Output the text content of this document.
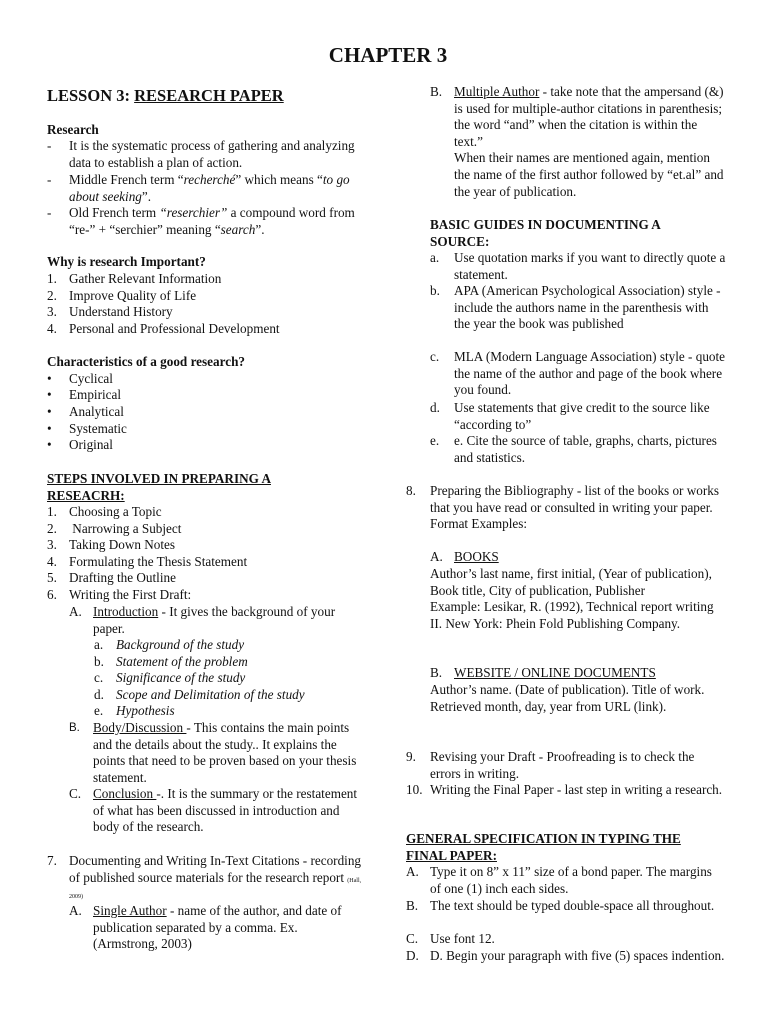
CHAPTER 3
LESSON 3: RESEARCH PAPER
Research
-	It is the systematic process of gathering and analyzing data to establish a plan of action.
-	Middle French term “recherché” which means “to go about seeking”.
-	Old French term “reserchier” a compound word from “re-” + “serchier” meaning “search”.
Why is research Important?
1. Gather Relevant Information
2. Improve Quality of Life
3. Understand History
4. Personal and Professional Development
Characteristics of a good research?
•	Cyclical
•	Empirical
•	Analytical
•	Systematic
•	Original
STEPS INVOLVED IN PREPARING A RESEACRH:
1. Choosing a Topic
2. Narrowing a Subject
3. Taking Down Notes
4. Formulating the Thesis Statement
5. Drafting the Outline
6. Writing the First Draft:
A. Introduction - It gives the background of your paper.
a. Background of the study
b. Statement of the problem
c. Significance of the study
d. Scope and Delimitation of the study
e. Hypothesis
B. Body/Discussion - This contains the main points and the details about the study.. It explains the points that need to be proven based on your thesis statement.
C. Conclusion -. It is the summary or the restatement of what has been discussed in introduction and body of the research.
7. Documenting and Writing In-Text Citations - recording of published source materials for the research report (Hall, 2009)
A. Single Author - name of the author, and date of publication separated by a comma. Ex. (Armstrong, 2003)
B. Multiple Author - take note that the ampersand (&) is used for multiple-author citations in parenthesis; the word “and” when the citation is within the text.”
When their names are mentioned again, mention the name of the first author followed by “et.al” and the year of publication.
BASIC GUIDES IN DOCUMENTING A SOURCE:
a.	Use quotation marks if you want to directly quote a statement.
b.	APA (American Psychological Association) style - include the authors name in the parenthesis with the year the book was published
c.	MLA (Modern Language Association) style - quote the name of the author and page of the book where you found.
d.	Use statements that give credit to the source like “according to”
e.	e. Cite the source of table, graphs, charts, pictures and statistics.
8.	Preparing the Bibliography - list of the books or works that you have read or consulted in writing your paper.
Format Examples:
A. BOOKS
Author’s last name, first initial, (Year of publication), Book title, City of publication, Publisher
Example: Lesikar, R. (1992), Technical report writing II. New York: Phein Fold Publishing Company.
B. WEBSITE / ONLINE DOCUMENTS
Author’s name. (Date of publication). Title of work. Retrieved month, day, year from URL (link).
9.	Revising your Draft - Proofreading is to check the errors in writing.
10. Writing the Final Paper - last step in writing a research.
GENERAL SPECIFICATION IN TYPING THE FINAL PAPER:
A. Type it on 8” x 11” size of a bond paper. The margins of one (1) inch each sides.
B. The text should be typed double-space all throughout.
C. Use font 12.
D. D. Begin your paragraph with five (5) spaces indention.
